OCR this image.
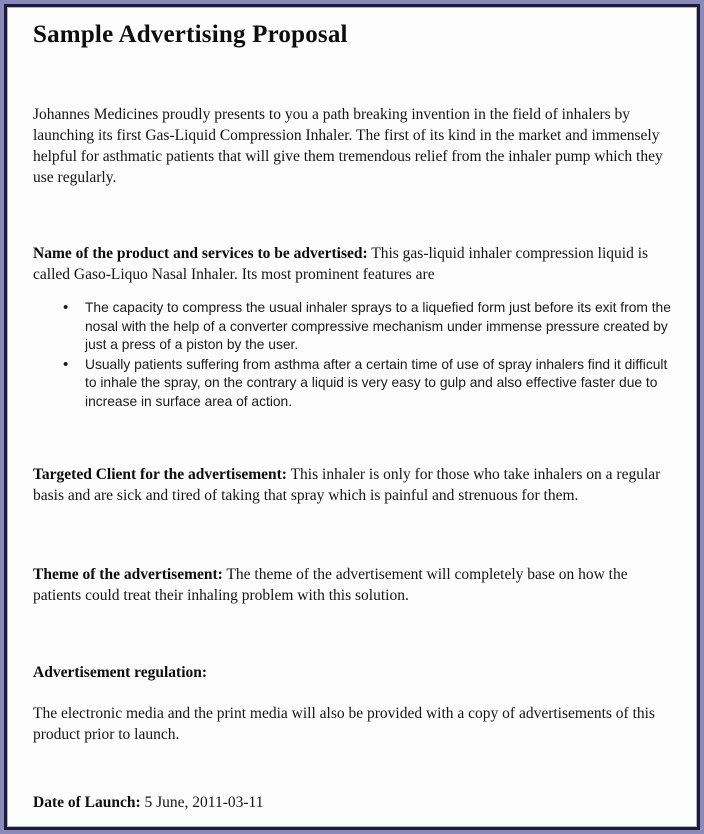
Sample Advertising Proposal

Johannes Medicines proudly presents to you a path breaking invention in the field of inhalers by launching its first Gas-Liquid Compression Inhaler. The first of its kind in the market and immensely helpful for asthmatic patients that will give them tremendous relief from the inhaler pump which they use regularly.

Name of the product and services to be advertised: This gas-liquid inhaler compression liquid is called Gaso-Liquo Nasal Inhaler. Its most prominent features are

• The capacity to compress the usual inhaler sprays to a liquefied form just before its exit from the nosal with the help of a converter compressive mechanism under immense pressure created by just a press of a piston by the user.
• Usually patients suffering from asthma after a certain time of use of spray inhalers find it difficult to inhale the spray, on the contrary a liquid is very easy to gulp and also effective faster due to increase in surface area of action.

Targeted Client for the advertisement: This inhaler is only for those who take inhalers on a regular basis and are sick and tired of taking that spray which is painful and strenuous for them.

Theme of the advertisement: The theme of the advertisement will completely base on how the patients could treat their inhaling problem with this solution.

Advertisement regulation:

The electronic media and the print media will also be provided with a copy of advertisements of this product prior to launch.

Date of Launch: 5 June, 2011-03-11
